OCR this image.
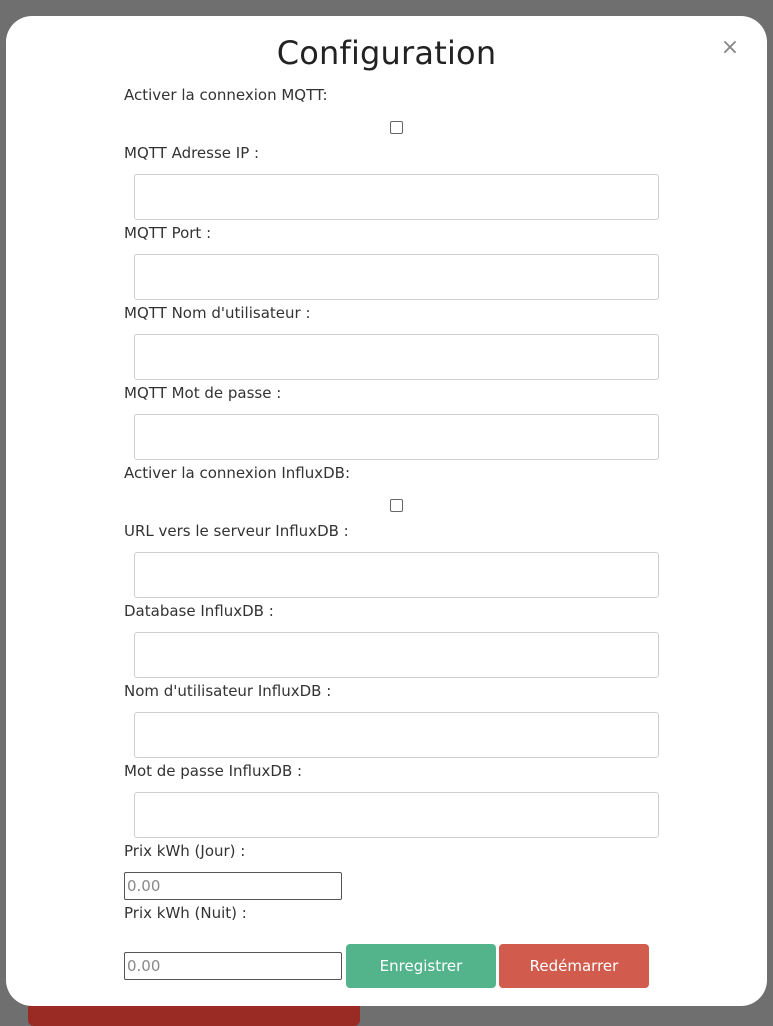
Configuration	×
Activer la connexion MQTT:
MQTT Adresse IP :
MQTT Port :
MQTT Nom d'utilisateur :
MQTT Mot de passe :
Activer la connexion InfluxDB:
URL vers le serveur InfluxDB :
Database InfluxDB :
Nom d'utilisateur InfluxDB :
Mot de passe InfluxDB :
Prix kWh (Jour) :
0.00
Prix kWh (Nuit) :
0.00	Enregistrer	Redémarrer
